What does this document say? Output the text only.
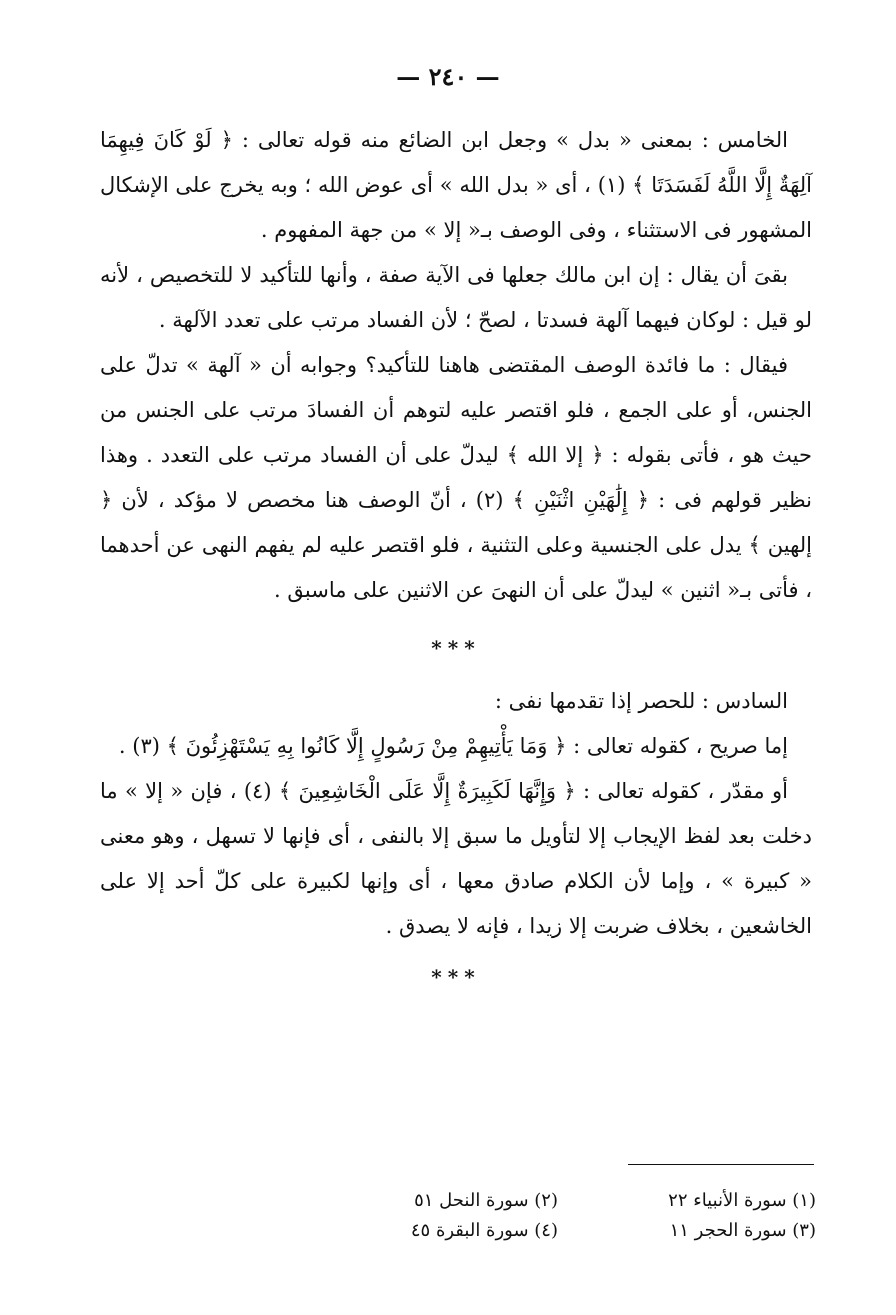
— ٢٤٠ —

الخامس : بمعنى « بدل » وجعل ابن الضائع منه قوله تعالى : ﴿ لَوْ كَانَ فِيهِمَا آلِهَةٌ إِلَّا اللَّهُ لَفَسَدَتَا ﴾ (١) ، أى « بدل الله » أى عوض الله ؛ وبه يخرج على الإشكال المشهور فى الاستثناء ، وفى الوصف بـ« إلا » من جهة المفهوم .

بقىَ أن يقال : إن ابن مالك جعلها فى الآية صفة ، وأنها للتأكيد لا للتخصيص ، لأنه لو قيل : لوكان فيهما آلهة فسدتا ، لصحّ ؛ لأن الفساد مرتب على تعدد الآلهة .

فيقال : ما فائدة الوصف المقتضى هاهنا للتأكيد؟ وجوابه أن « آلهة » تدلّ على الجنس، أو على الجمع ، فلو اقتصر عليه لتوهم أن الفسادَ مرتب على الجنس من حيث هو ، فأتى بقوله : ﴿ إلا الله ﴾ ليدلّ على أن الفساد مرتب على التعدد . وهذا نظير قولهم فى : ﴿ إِلَٰهَيْنِ اثْنَيْنِ ﴾ (٢) ، أنّ الوصف هنا مخصص لا مؤكد ، لأن ﴿ إلهين ﴾ يدل على الجنسية وعلى التثنية ، فلو اقتصر عليه لم يفهم النهى عن أحدهما ، فأتى بـ« اثنين » ليدلّ على أن النهىَ عن الاثنين على ماسبق .

***

السادس : للحصر إذا تقدمها نفى :

إما صريح ، كقوله تعالى : ﴿ وَمَا يَأْتِيهِمْ مِنْ رَسُولٍ إِلَّا كَانُوا بِهِ يَسْتَهْزِئُونَ ﴾ (٣) .

أو مقدّر ، كقوله تعالى : ﴿ وَإِنَّهَا لَكَبِيرَةٌ إِلَّا عَلَى الْخَاشِعِينَ ﴾ (٤) ، فإن « إلا » ما دخلت بعد لفظ الإيجاب إلا لتأويل ما سبق إلا بالنفى ، أى فإنها لا تسهل ، وهو معنى « كبيرة » ، وإما لأن الكلام صادق معها ، أى وإنها لكبيرة على كلّ أحد إلا على الخاشعين ، بخلاف ضربت إلا زيدا ، فإنه لا يصدق .

***
(١) سورة الأنبياء ٢٢
(٢) سورة النحل ٥١
(٣) سورة الحجر ١١
(٤) سورة البقرة ٤٥
